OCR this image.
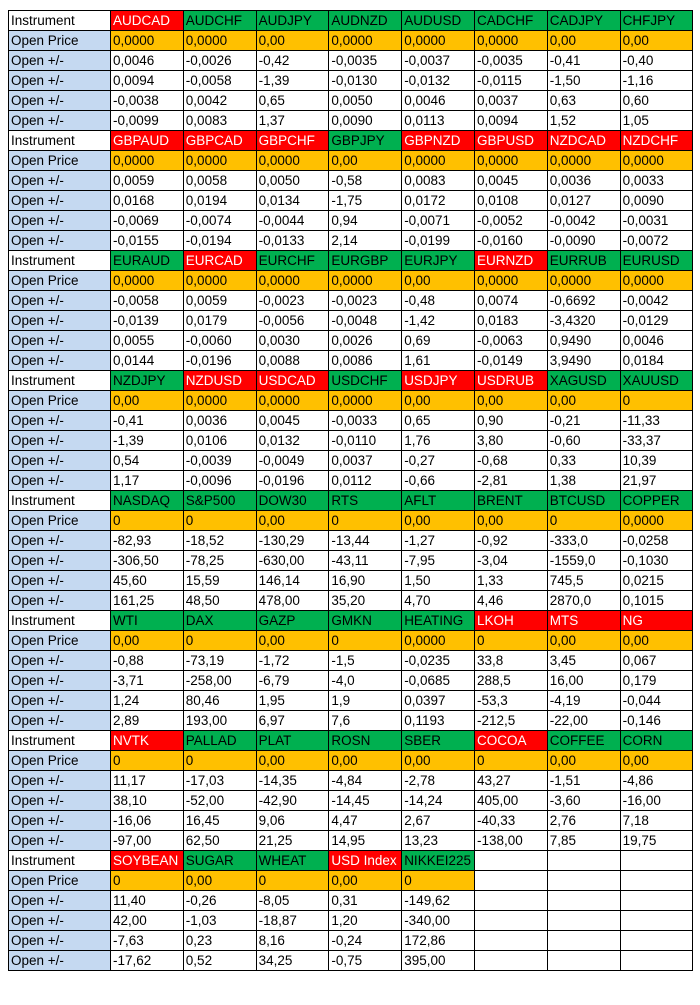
Instrument	AUDCAD	AUDCHF	AUDJPY	AUDNZD	AUDUSD	CADCHF	CADJPY	CHFJPY
Open Price	0,0000	0,0000	0,00	0,0000	0,0000	0,0000	0,00	0,00
Open +/-	0,0046	-0,0026	-0,42	-0,0035	-0,0037	-0,0035	-0,41	-0,40
Open +/-	0,0094	-0,0058	-1,39	-0,0130	-0,0132	-0,0115	-1,50	-1,16
Open +/-	-0,0038	0,0042	0,65	0,0050	0,0046	0,0037	0,63	0,60
Open +/-	-0,0099	0,0083	1,37	0,0090	0,0113	0,0094	1,52	1,05
Instrument	GBPAUD	GBPCAD	GBPCHF	GBPJPY	GBPNZD	GBPUSD	NZDCAD	NZDCHF
Open Price	0,0000	0,0000	0,0000	0,00	0,0000	0,0000	0,0000	0,0000
Open +/-	0,0059	0,0058	0,0050	-0,58	0,0083	0,0045	0,0036	0,0033
Open +/-	0,0168	0,0194	0,0134	-1,75	0,0172	0,0108	0,0127	0,0090
Open +/-	-0,0069	-0,0074	-0,0044	0,94	-0,0071	-0,0052	-0,0042	-0,0031
Open +/-	-0,0155	-0,0194	-0,0133	2,14	-0,0199	-0,0160	-0,0090	-0,0072
Instrument	EURAUD	EURCAD	EURCHF	EURGBP	EURJPY	EURNZD	EURRUB	EURUSD
Open Price	0,0000	0,0000	0,0000	0,0000	0,00	0,0000	0,0000	0,0000
Open +/-	-0,0058	0,0059	-0,0023	-0,0023	-0,48	0,0074	-0,6692	-0,0042
Open +/-	-0,0139	0,0179	-0,0056	-0,0048	-1,42	0,0183	-3,4320	-0,0129
Open +/-	0,0055	-0,0060	0,0030	0,0026	0,69	-0,0063	0,9490	0,0046
Open +/-	0,0144	-0,0196	0,0088	0,0086	1,61	-0,0149	3,9490	0,0184
Instrument	NZDJPY	NZDUSD	USDCAD	USDCHF	USDJPY	USDRUB	XAGUSD	XAUUSD
Open Price	0,00	0,0000	0,0000	0,0000	0,00	0,00	0,00	0
Open +/-	-0,41	0,0036	0,0045	-0,0033	0,65	0,90	-0,21	-11,33
Open +/-	-1,39	0,0106	0,0132	-0,0110	1,76	3,80	-0,60	-33,37
Open +/-	0,54	-0,0039	-0,0049	0,0037	-0,27	-0,68	0,33	10,39
Open +/-	1,17	-0,0096	-0,0196	0,0112	-0,66	-2,81	1,38	21,97
Instrument	NASDAQ	S&P500	DOW30	RTS	AFLT	BRENT	BTCUSD	COPPER
Open Price	0	0	0,00	0	0,00	0,00	0	0,0000
Open +/-	-82,93	-18,52	-130,29	-13,44	-1,27	-0,92	-333,0	-0,0258
Open +/-	-306,50	-78,25	-630,00	-43,11	-7,95	-3,04	-1559,0	-0,1030
Open +/-	45,60	15,59	146,14	16,90	1,50	1,33	745,5	0,0215
Open +/-	161,25	48,50	478,00	35,20	4,70	4,46	2870,0	0,1015
Instrument	WTI	DAX	GAZP	GMKN	HEATING	LKOH	MTS	NG
Open Price	0,00	0	0,00	0	0,0000	0	0,00	0,00
Open +/-	-0,88	-73,19	-1,72	-1,5	-0,0235	33,8	3,45	0,067
Open +/-	-3,71	-258,00	-6,79	-4,0	-0,0685	288,5	16,00	0,179
Open +/-	1,24	80,46	1,95	1,9	0,0397	-53,3	-4,19	-0,044
Open +/-	2,89	193,00	6,97	7,6	0,1193	-212,5	-22,00	-0,146
Instrument	NVTK	PALLAD	PLAT	ROSN	SBER	COCOA	COFFEE	CORN
Open Price	0	0	0,00	0,00	0,00	0	0,00	0,00
Open +/-	11,17	-17,03	-14,35	-4,84	-2,78	43,27	-1,51	-4,86
Open +/-	38,10	-52,00	-42,90	-14,45	-14,24	405,00	-3,60	-16,00
Open +/-	-16,06	16,45	9,06	4,47	2,67	-40,33	2,76	7,18
Open +/-	-97,00	62,50	21,25	14,95	13,23	-138,00	7,85	19,75
Instrument	SOYBEAN	SUGAR	WHEAT	USD Index	NIKKEI225			
Open Price	0	0,00	0	0,00	0			
Open +/-	11,40	-0,26	-8,05	0,31	-149,62			
Open +/-	42,00	-1,03	-18,87	1,20	-340,00			
Open +/-	-7,63	0,23	8,16	-0,24	172,86			
Open +/-	-17,62	0,52	34,25	-0,75	395,00			
